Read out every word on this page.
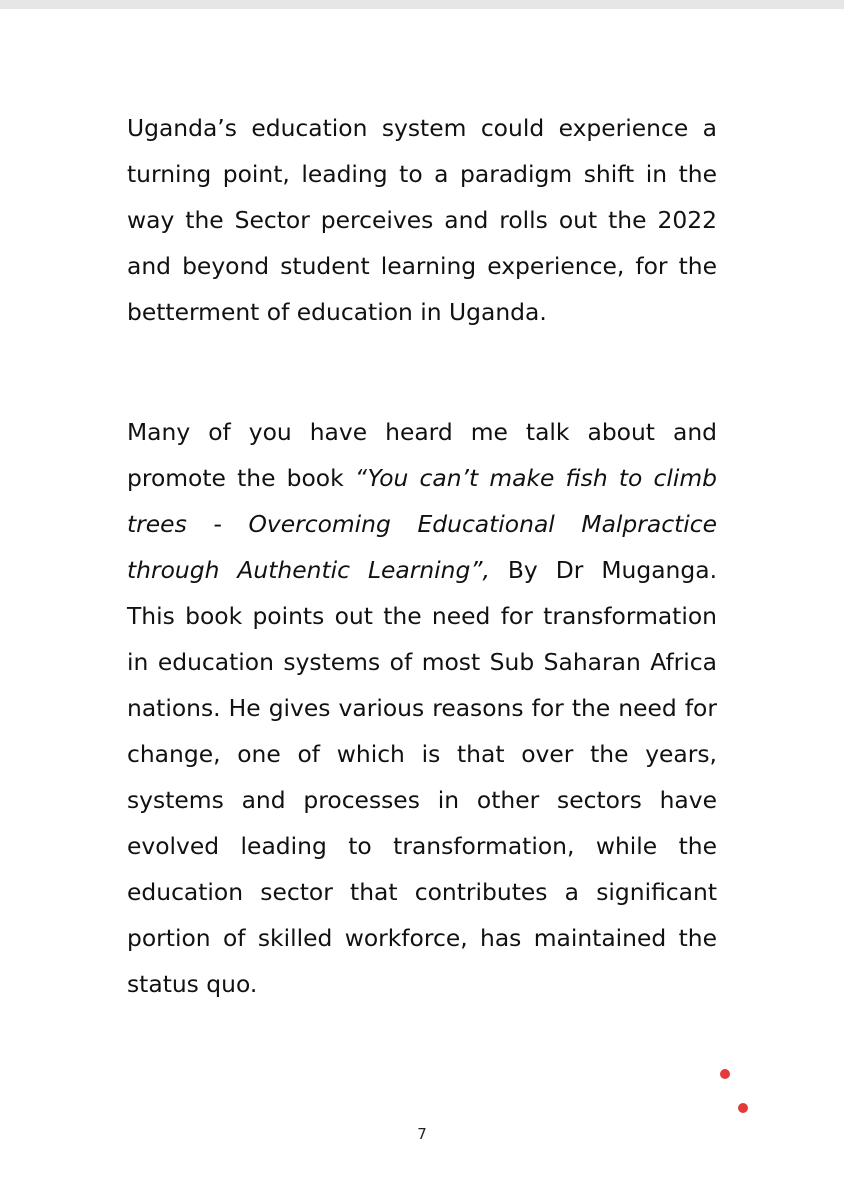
Uganda’s education system could experience a turning point, leading to a paradigm shift in the way the Sector perceives and rolls out the 2022 and beyond student learning experience, for the betterment of education in Uganda.

Many of you have heard me talk about and promote the book “You can’t make fish to climb trees - Overcoming Educational Malpractice through Authentic Learning”, By Dr Muganga. This book points out the need for transformation in education systems of most Sub Saharan Africa nations. He gives various reasons for the need for change, one of which is that over the years, systems and processes in other sectors have evolved leading to transformation, while the education sector that contributes a significant portion of skilled workforce, has maintained the status quo.

7
